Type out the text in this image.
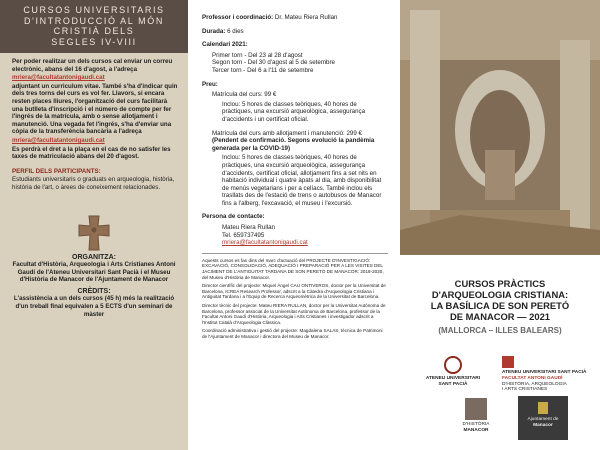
CURSOS UNIVERSITARIS
D'INTRODUCCIÓ AL MÓN
CRISTIÀ DELS
SEGLES IV-VIII

Per poder realitzar un dels cursos cal enviar un correu electrònic, abans del 16 d'agost, a l'adreça

mriera@facultatantonigaudi.cat

adjuntant un curriculum vitae. També s'ha d'indicar quin dels tres torns del curs es vol fer. Llavors, si encara resten places lliures, l'organització del curs facilitarà una butlleta d'inscripció i el número de compte per fer l'ingrés de la matrícula, amb o sense allotjament i manutenció. Una vegada fet l'ingrés, s'ha d'enviar una còpia de la transferència bancària a l'adreça

mriera@facultatantonigaudi.cat

Es perdrà el dret a la plaça en el cas de no satisfer les taxes de matriculació abans del 20 d'agost.

PERFIL DELS PARTICIPANTS:

Estudiants universitaris o graduats en arqueologia, història, història de l'art, o àrees de coneixement relacionades.

ORGANITZA:

Facultat d'Història, Arqueologia i Arts Cristianes Antoni Gaudí de l'Ateneu Universitari Sant Pacià i el Museu d'Història de Manacor de l'Ajuntament de Manacor

CRÈDITS:

L'assistència a un dels cursos (45 h) més la realització d'un treball final equivalen a 5 ECTS d'un seminari de màster

Professor i coordinació: Dr. Mateu Riera Rullan
Durada: 6 dies
Calendari 2021:
Primer torn - Del 23 al 28 d'agost
Segon torn - Del 30 d'agost al 5 de setembre
Tercer torn - Del 6 a l'11 de setembre
Preu:
Matrícula del curs: 99 €
Inclou: 5 hores de classes teòriques, 40 hores de pràctiques, una excursió arqueològica, assegurança d'accidents i un certificat oficial.
Matrícula del curs amb allotjament i manutenció: 299 € (Pendent de confirmació. Segons evolució la pandèmia generada per la COVID-19)
Inclou: 5 hores de classes teòriques, 40 hores de pràctiques, una excursió arqueològica, assegurança d'accidents, certificat oficial, allotjament fins a set nits en habitació individual i quatre àpats al dia, amb disponibilitat de menús vegetarians i per a celíacs. També inclou els trasllats des de l'estació de trens o autobusos de Manacor fins a l'alberg, l'excavació, el museu i l'excursió.
Persona de contacte:
Mateu Riera Rullan
Tel. 659737495
mriera@facultatantonigaudi.cat

Aquests cursos es fan dins del marc d'actuació del PROJECTE D'INVESTIGACIÓ: EXCAVACIÓ, CONSOLIDACIÓ, ADEQUACIÓ I PREPARACIÓ PER A LES VISITES DEL JACIMENT DE L'ANTIGUITAT TARDANA DE SON PERETÓ DE MANACOR: 2018-2020, del Museu d'Història de Manacor.

Director científic del projecte: Miquel Àngel CAU ONTIVEROS, doctor per la Universitat de Barcelona, ICREA Research Professor, adscrit a la Càtedra d'Arqueologia Cristiana i Antiguitat Tardana i a l'Equip de Recerca Arqueomètrica de la Universitat de Barcelona.

Director tècnic del projecte: Mateu RIERA RULLAN, doctor per la Universitat Autònoma de Barcelona, professor associat de la Universitat Autònoma de Barcelona, professor de la Facultat Antoni Gaudí d'Història, Arqueologia i Arts Cristianes i investigador adscrit a l'Institut Català d'Arqueologia Clàssica.

Coordinació administrativa i gestió del projecte: Magdalena SALAS, tècnica de Patrimoni de l'Ajuntament de Manacor i directora del Museu de Manacor.

CURSOS PRÀCTICS
D'ARQUEOLOGIA CRISTIANA:
LA BASÍLICA DE SON PERETÓ
DE MANACOR — 2021
(MALLORCA – ILLES BALEARS)
ATENEU UNIVERSITARI
SANT PACIÀ
ATENEU UNIVERSITARI SANT PACIÀ
FACULTAT ANTONI GAUDÍ
D'HISTÒRIA, ARQUEOLOGIA
I ARTS CRISTIANES
D'HISTÒRIA
MANACOR
Ajuntament de
Manacor
